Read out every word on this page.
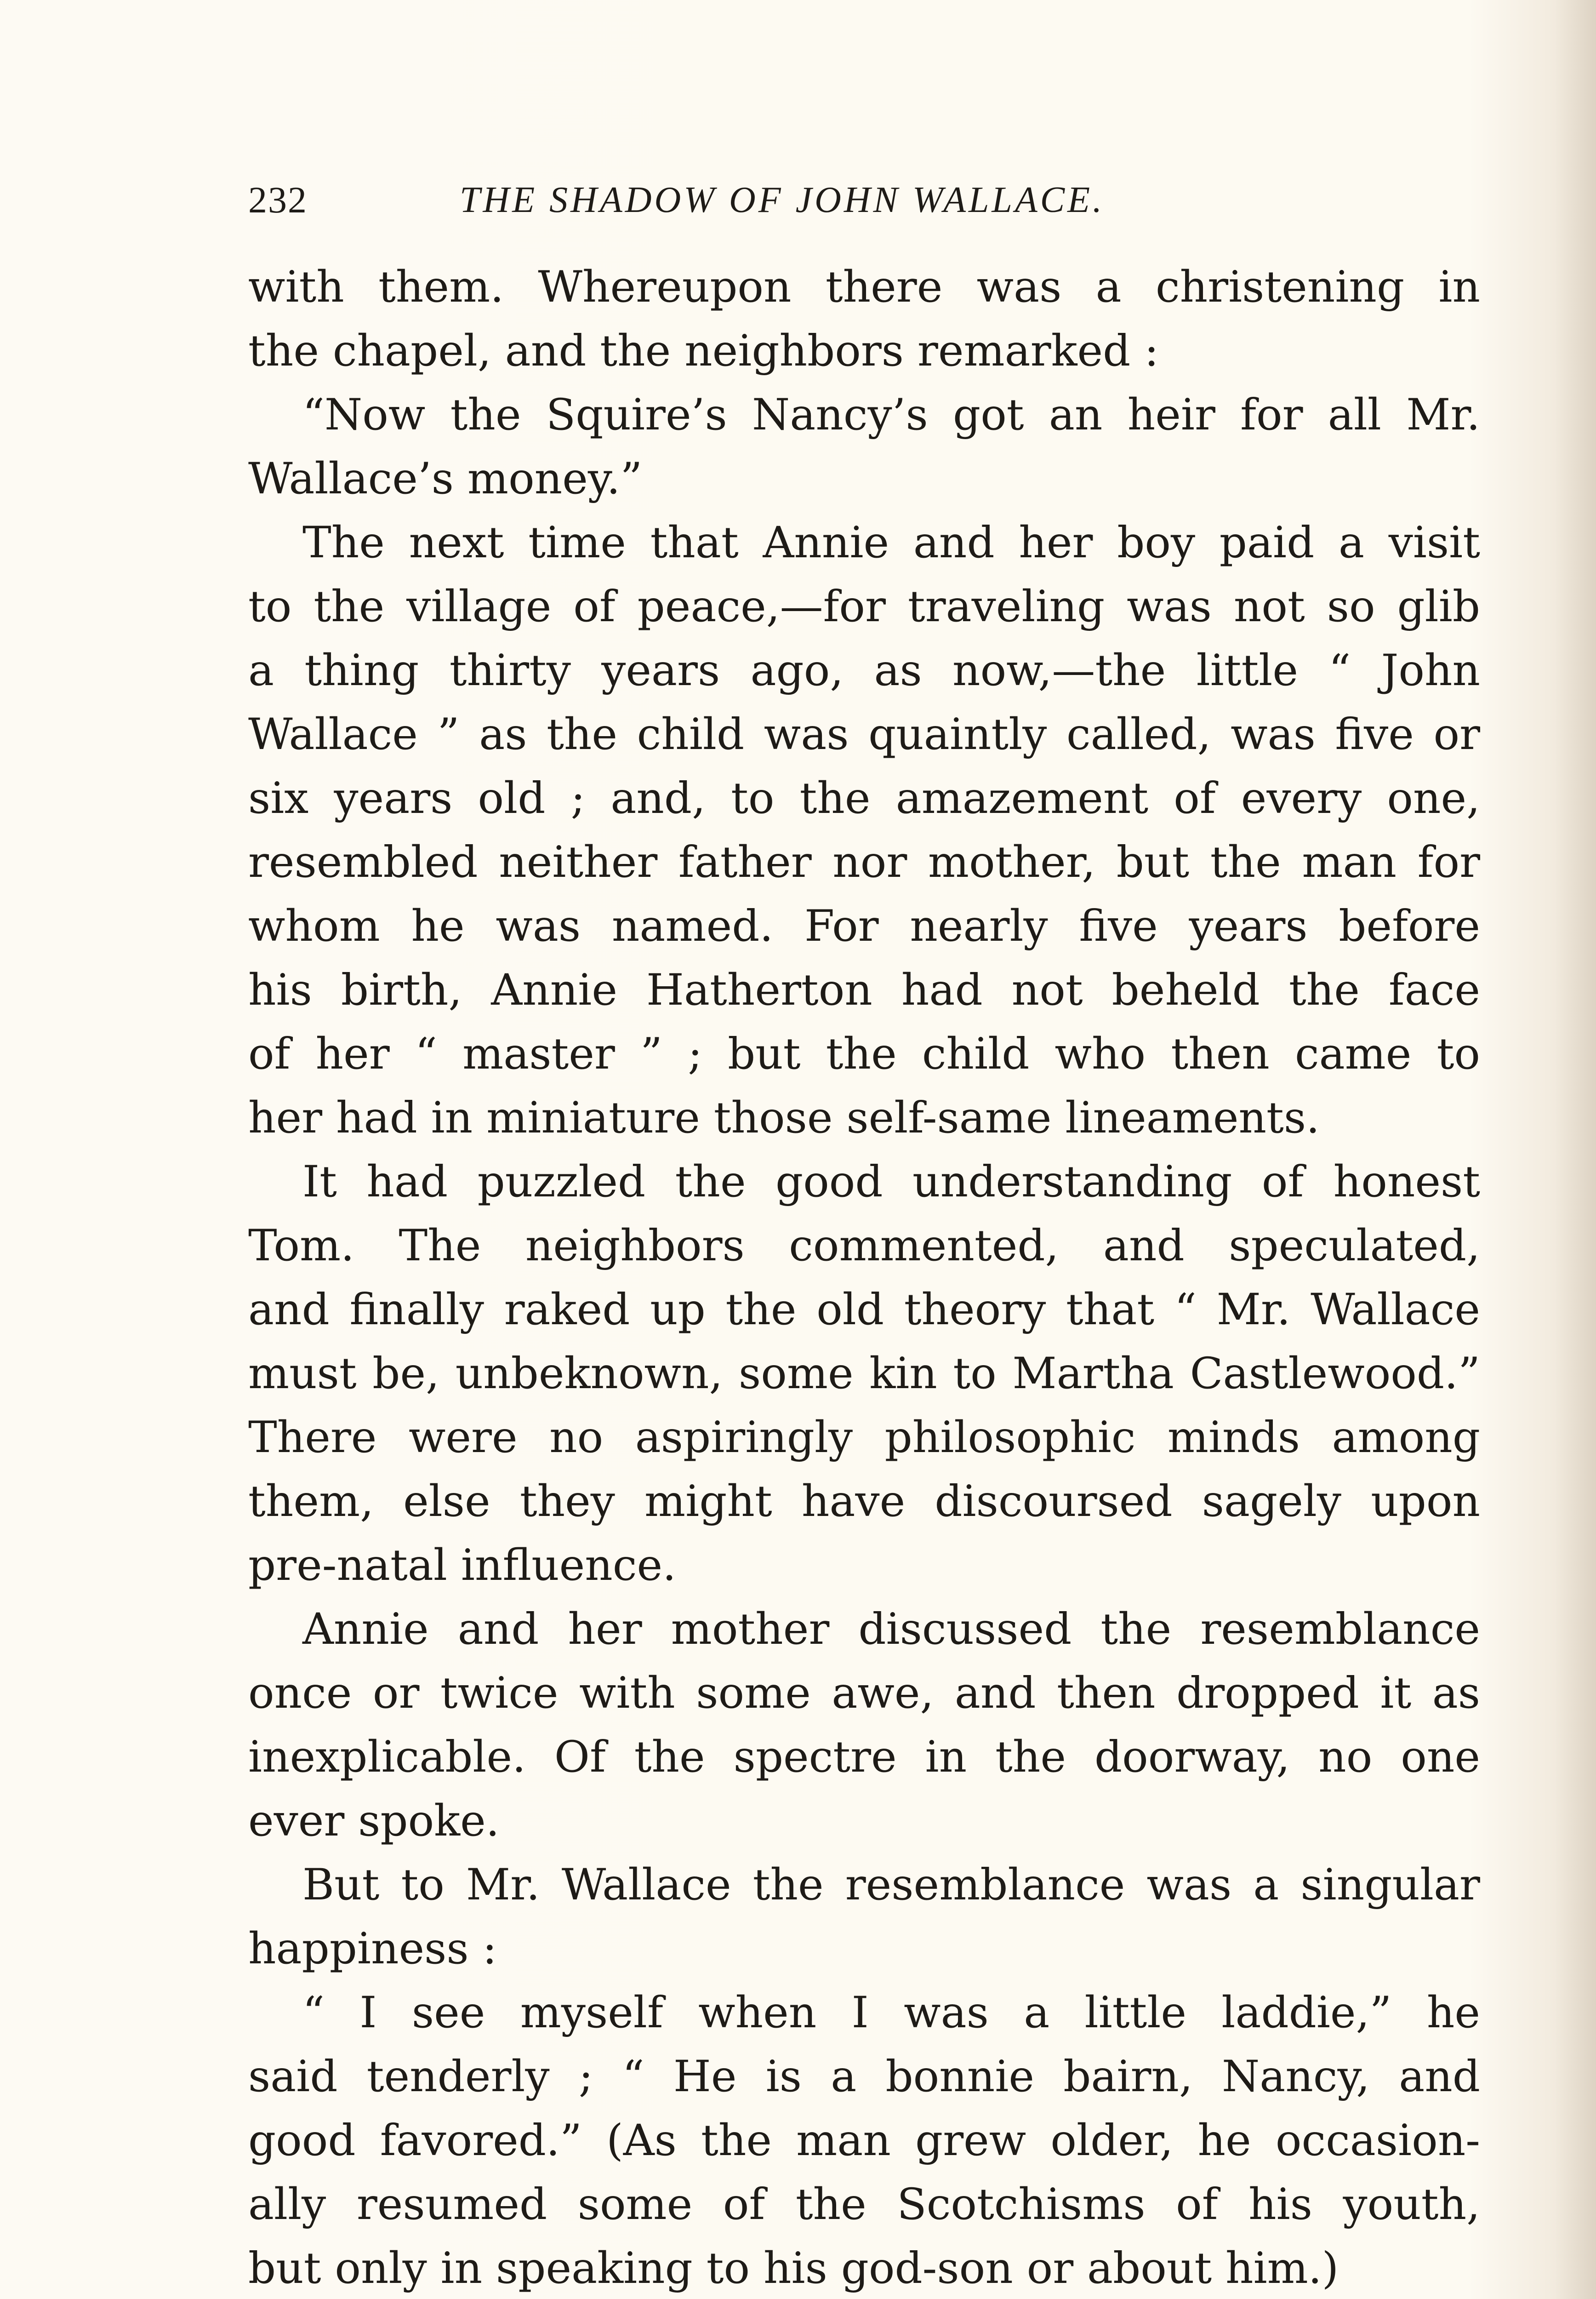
232	THE SHADOW OF JOHN WALLACE.
with them. Whereupon there was a christening in
the chapel, and the neighbors remarked :
“Now the Squire’s Nancy’s got an heir for all Mr.
Wallace’s money.”
The next time that Annie and her boy paid a visit
to the village of peace,—for traveling was not so glib
a thing thirty years ago, as now,—the little “ John
Wallace ” as the child was quaintly called, was five or
six years old ; and, to the amazement of every one,
resembled neither father nor mother, but the man for
whom he was named. For nearly five years before
his birth, Annie Hatherton had not beheld the face
of her “ master ” ; but the child who then came to
her had in miniature those self-same lineaments.
It had puzzled the good understanding of honest
Tom. The neighbors commented, and speculated,
and finally raked up the old theory that “ Mr. Wallace
must be, unbeknown, some kin to Martha Castlewood.”
There were no aspiringly philosophic minds among
them, else they might have discoursed sagely upon
pre-natal influence.
Annie and her mother discussed the resemblance
once or twice with some awe, and then dropped it as
inexplicable. Of the spectre in the doorway, no one
ever spoke.
But to Mr. Wallace the resemblance was a singular
happiness :
“ I see myself when I was a little laddie,” he
said tenderly ; “ He is a bonnie bairn, Nancy, and
good favored.” (As the man grew older, he occasion-
ally resumed some of the Scotchisms of his youth,
but only in speaking to his god-son or about him.)
